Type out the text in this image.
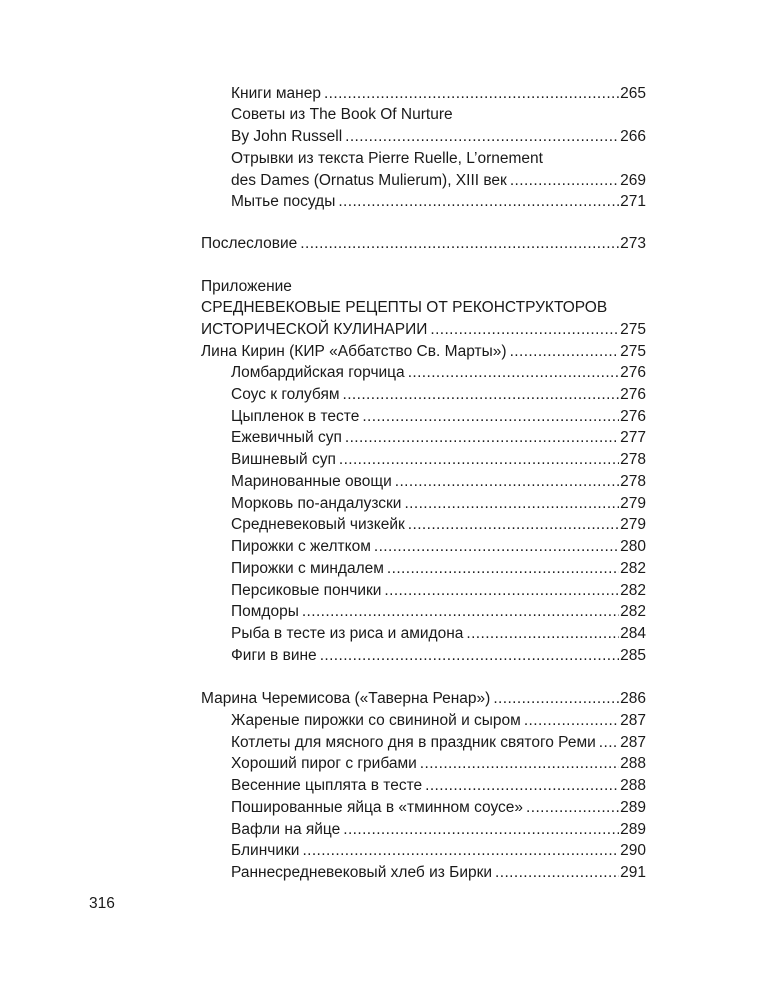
Книги манер .....	265
Советы из The Book Of Nurture
By John Russell .....	266
Отрывки из текста Pierre Ruelle, L’ornement
des Dames (Ornatus Mulierum), XIII век .....	269
Мытье посуды .....	271
Послесловие .....	273
Приложение
СРЕДНЕВЕКОВЫЕ РЕЦЕПТЫ ОТ РЕКОНСТРУКТОРОВ
ИСТОРИЧЕСКОЙ КУЛИНАРИИ .....	275
Лина Кирин (КИР «Аббатство Св. Марты») .....	275
Ломбардийская горчица .....	276
Соус к голубям .....	276
Цыпленок в тесте .....	276
Ежевичный суп .....	277
Вишневый суп .....	278
Маринованные овощи .....	278
Морковь по-андалузски .....	279
Средневековый чизкейк .....	279
Пирожки с желтком .....	280
Пирожки с миндалем .....	282
Персиковые пончики .....	282
Помдоры .....	282
Рыба в тесте из риса и амидона .....	284
Фиги в вине .....	285
Марина Черемисова («Таверна Ренар») .....	286
Жареные пирожки со свининой и сыром .....	287
Котлеты для мясного дня в праздник святого Реми ..... 287
Хороший пирог с грибами .....	288
Весенние цыплята в тесте .....	288
Пошированные яйца в «тминном соусе» .....	289
Вафли на яйце .....	289
Блинчики .....	290
Раннесредневековый хлеб из Бирки .....	291
316
